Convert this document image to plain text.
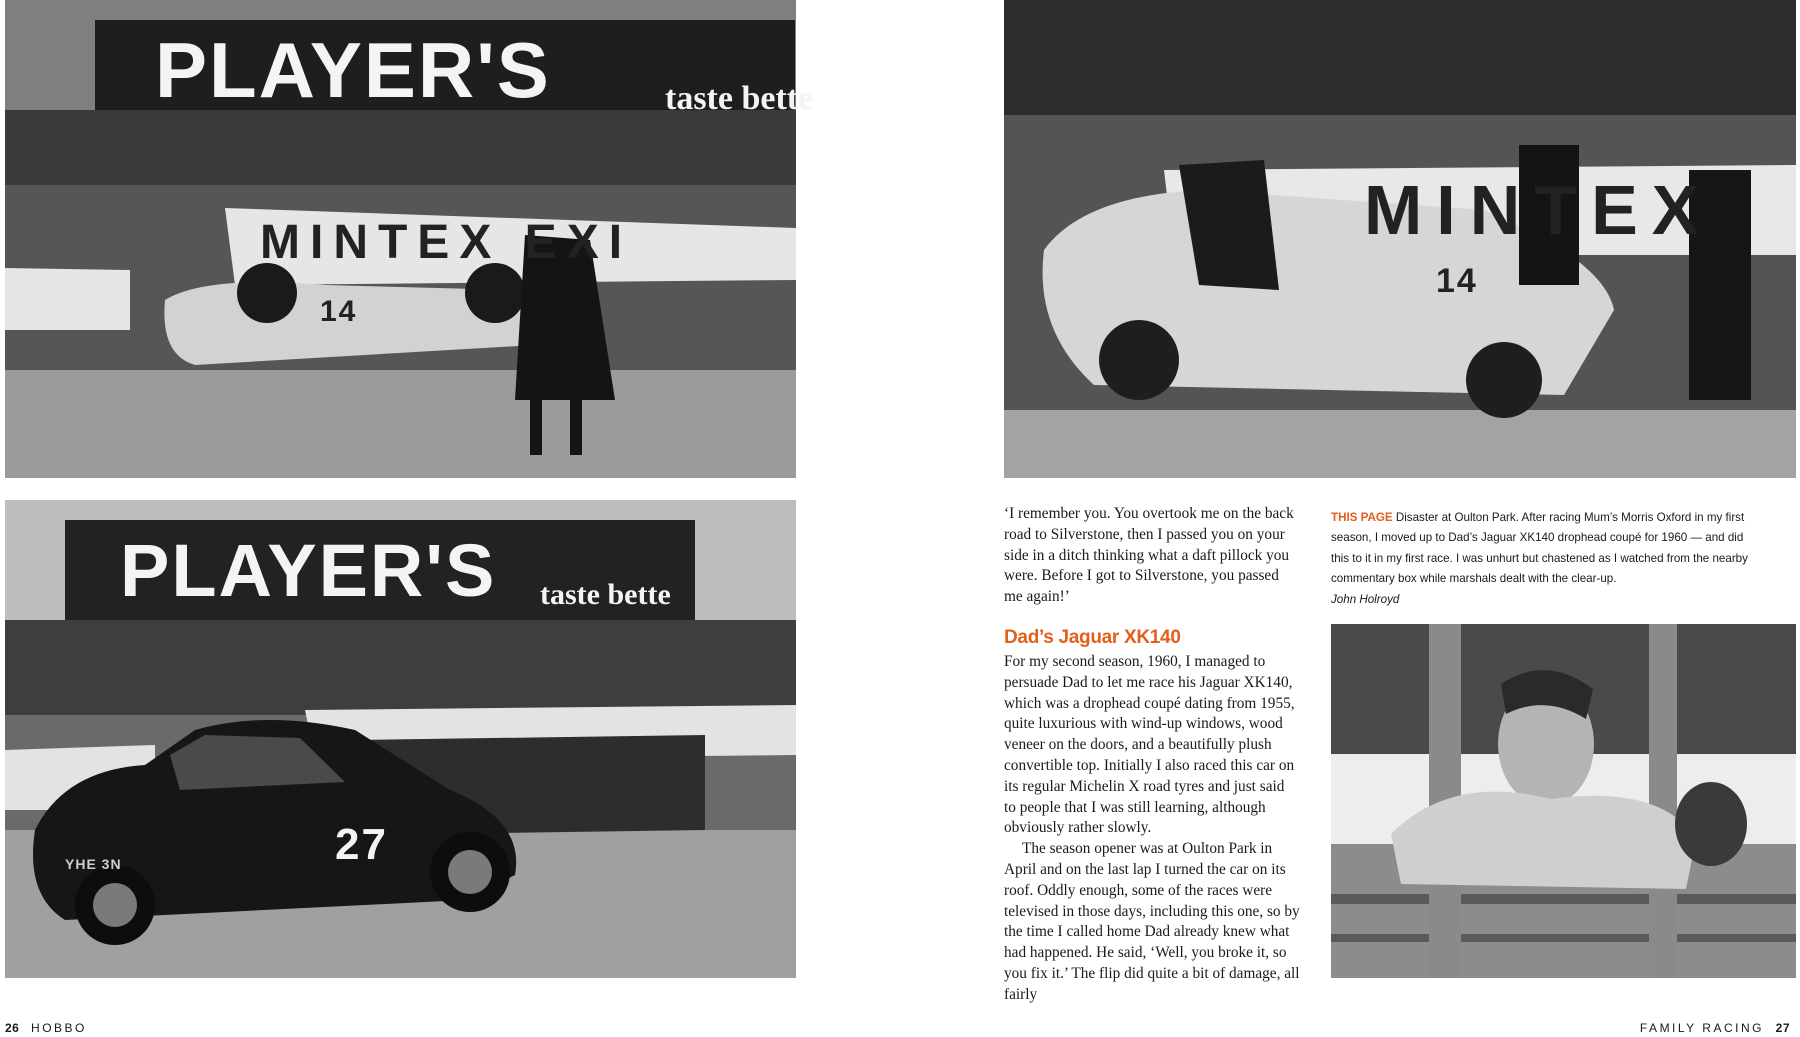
PLAYER'S	taste bette
MINTEX EXI
14
MINTEX
14
PLAYER'S taste bette
27
YHE 3N

‘I remember you. You overtook me on the back road to Silverstone, then I passed you on your side in a ditch thinking what a daft pillock you were. Before I got to Silverstone, you passed me again!’

Dad’s Jaguar XK140

For my second season, 1960, I managed to persuade Dad to let me race his Jaguar XK140, which was a drophead coupé dating from 1955, quite luxurious with wind-up windows, wood veneer on the doors, and a beautifully plush convertible top. Initially I also raced this car on its regular Michelin X road tyres and just said to people that I was still learning, although obviously rather slowly.

The season opener was at Oulton Park in April and on the last lap I turned the car on its roof. Oddly enough, some of the races were televised in those days, including this one, so by the time I called home Dad already knew what had happened. He said, ‘Well, you broke it, so you fix it.’ The flip did quite a bit of damage, all fairly

THIS PAGE Disaster at Oulton Park. After racing Mum’s Morris Oxford in my first season, I moved up to Dad’s Jaguar XK140 drophead coupé for 1960 — and did this to it in my first race. I was unhurt but chastened as I watched from the nearby commentary box while marshals dealt with the clear-up.
John Holroyd
26 HOBBO	FAMILY RACING 27
